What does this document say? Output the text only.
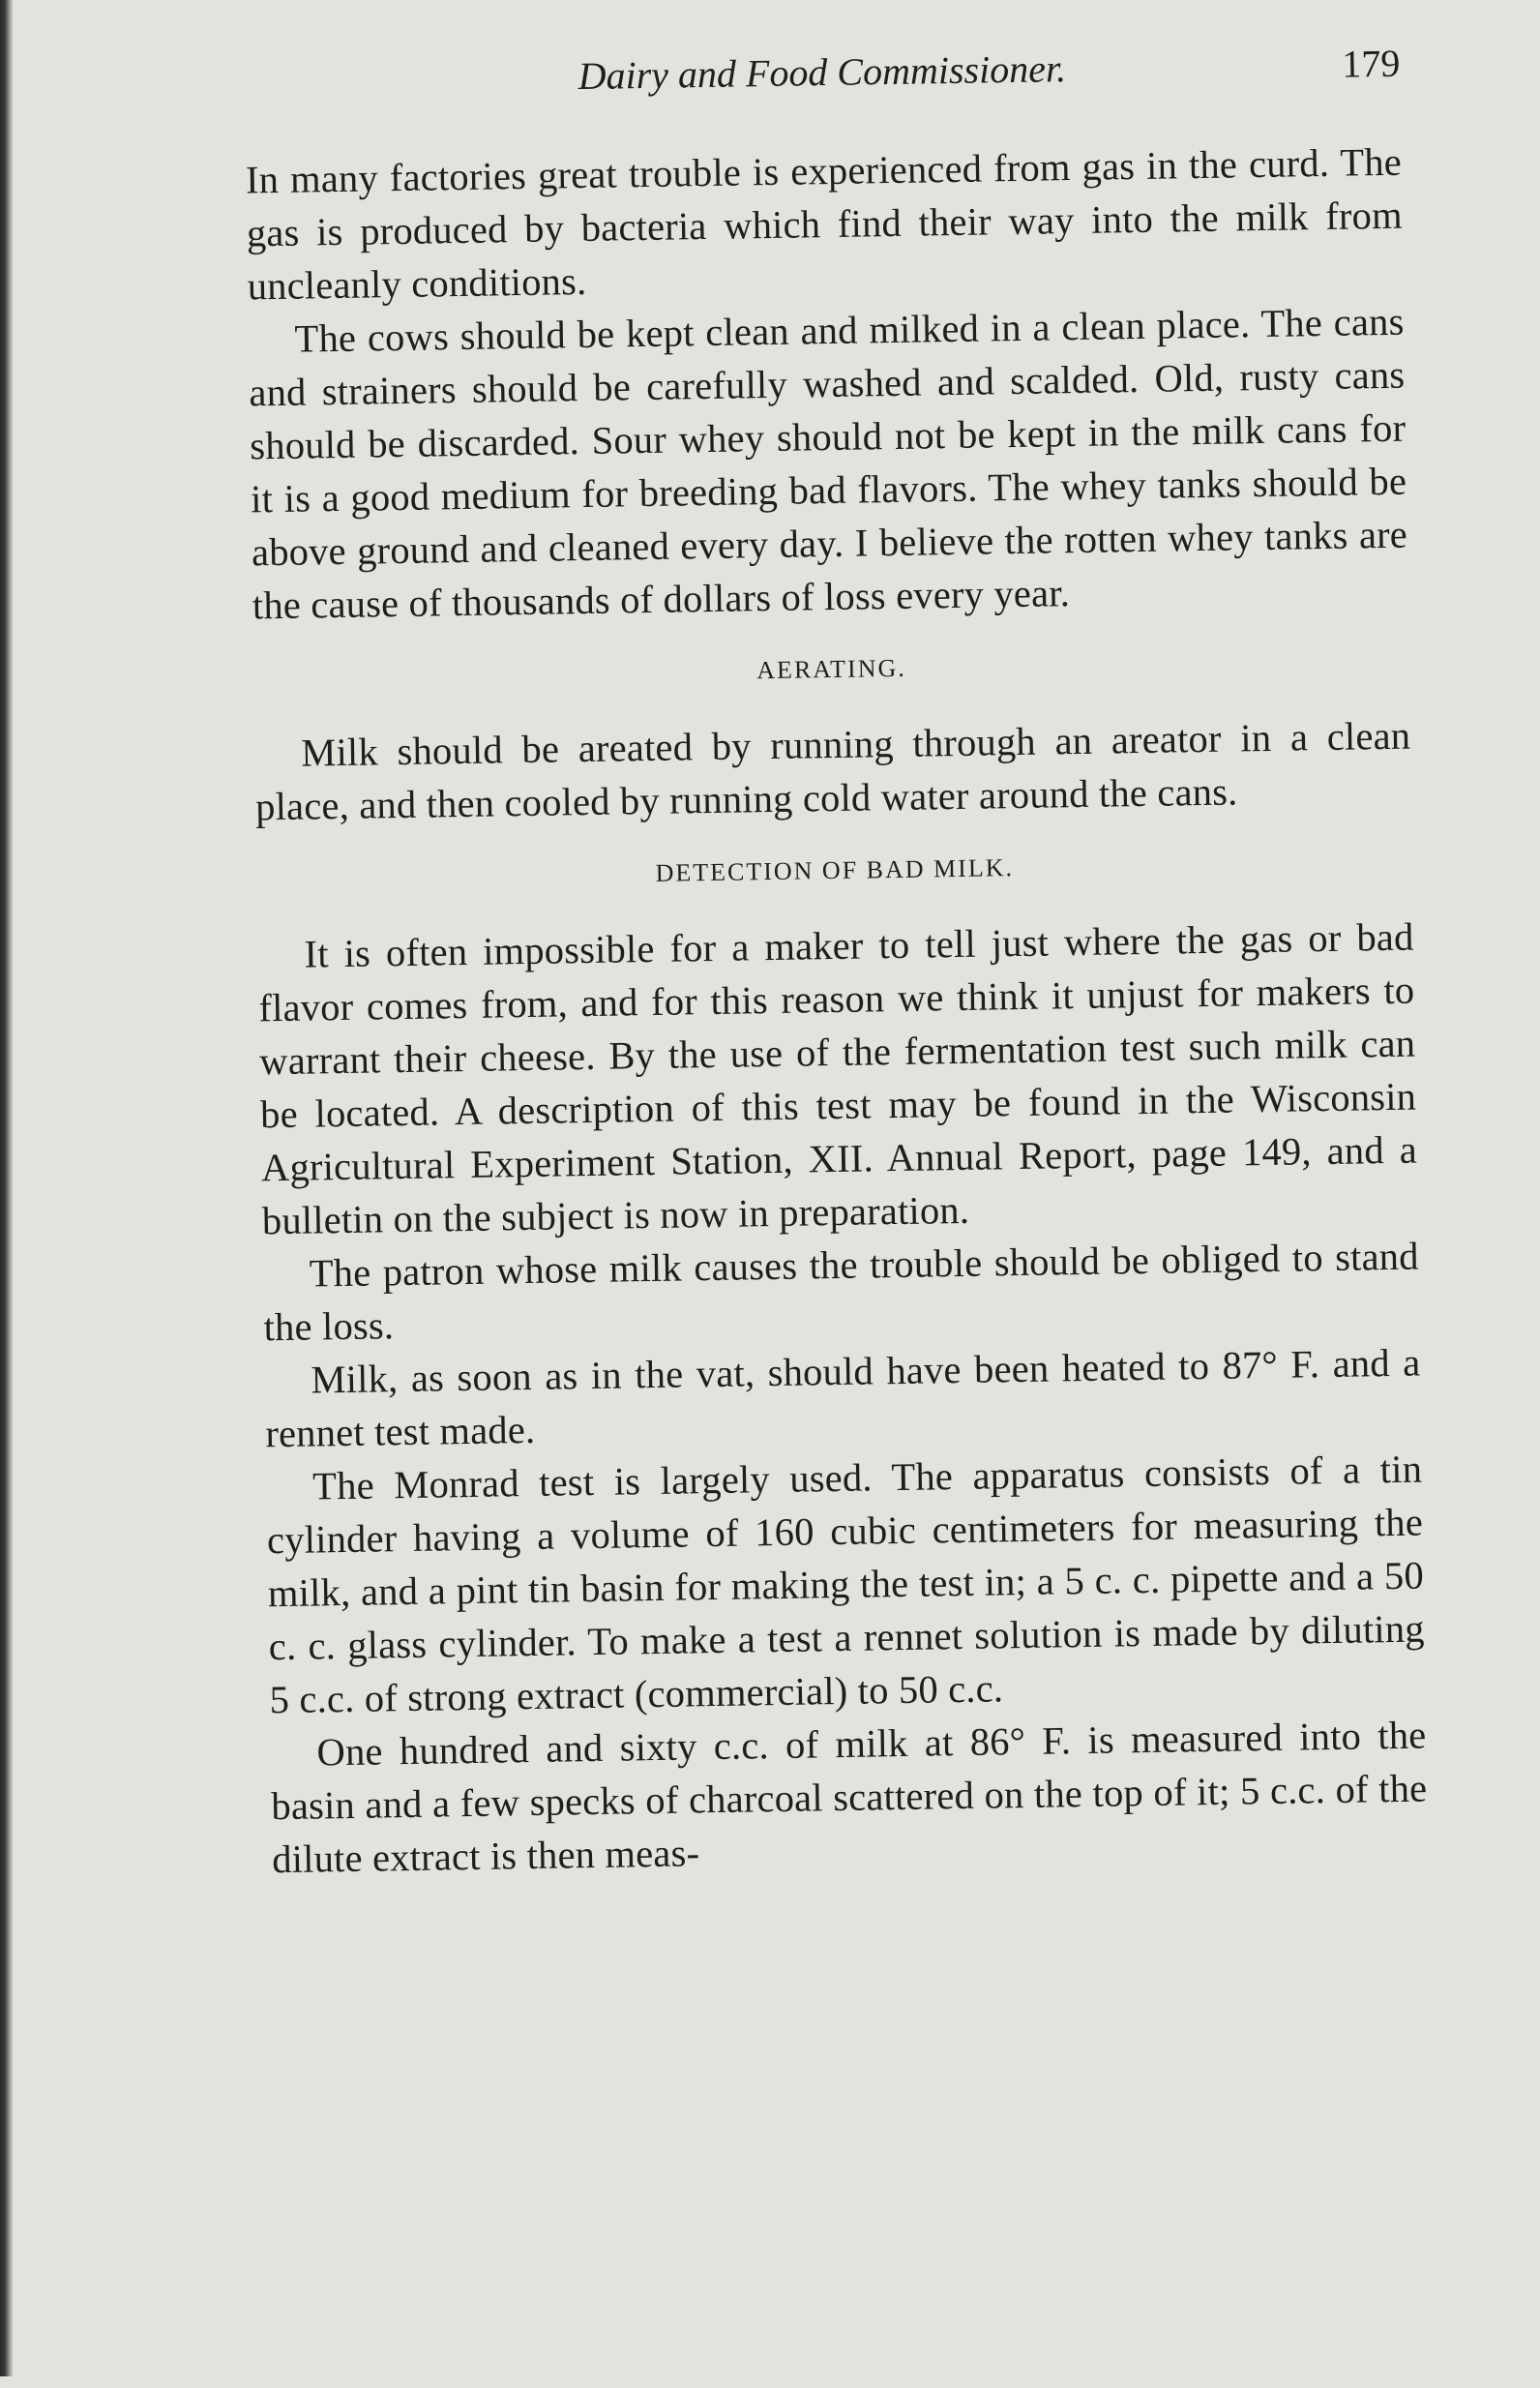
Dairy and Food Commissioner.	179

In many factories great trouble is experienced from gas in the curd. The gas is produced by bacteria which find their way into the milk from uncleanly conditions.

The cows should be kept clean and milked in a clean place. The cans and strainers should be carefully washed and scalded. Old, rusty cans should be discarded. Sour whey should not be kept in the milk cans for it is a good medium for breeding bad flavors. The whey tanks should be above ground and cleaned every day. I believe the rotten whey tanks are the cause of thousands of dollars of loss every year.

AERATING.

Milk should be areated by running through an areator in a clean place, and then cooled by running cold water around the cans.

DETECTION OF BAD MILK.

It is often impossible for a maker to tell just where the gas or bad flavor comes from, and for this reason we think it unjust for makers to warrant their cheese. By the use of the fermentation test such milk can be located. A description of this test may be found in the Wisconsin Agricultural Experiment Station, XII. Annual Report, page 149, and a bulletin on the subject is now in preparation.

The patron whose milk causes the trouble should be obliged to stand the loss.

Milk, as soon as in the vat, should have been heated to 87° F. and a rennet test made.

The Monrad test is largely used. The apparatus consists of a tin cylinder having a volume of 160 cubic centimeters for measuring the milk, and a pint tin basin for making the test in; a 5 c. c. pipette and a 50 c. c. glass cylinder. To make a test a rennet solution is made by diluting 5 c.c. of strong extract (commercial) to 50 c.c.

One hundred and sixty c.c. of milk at 86° F. is measured into the basin and a few specks of charcoal scattered on the top of it; 5 c.c. of the dilute extract is then meas-
